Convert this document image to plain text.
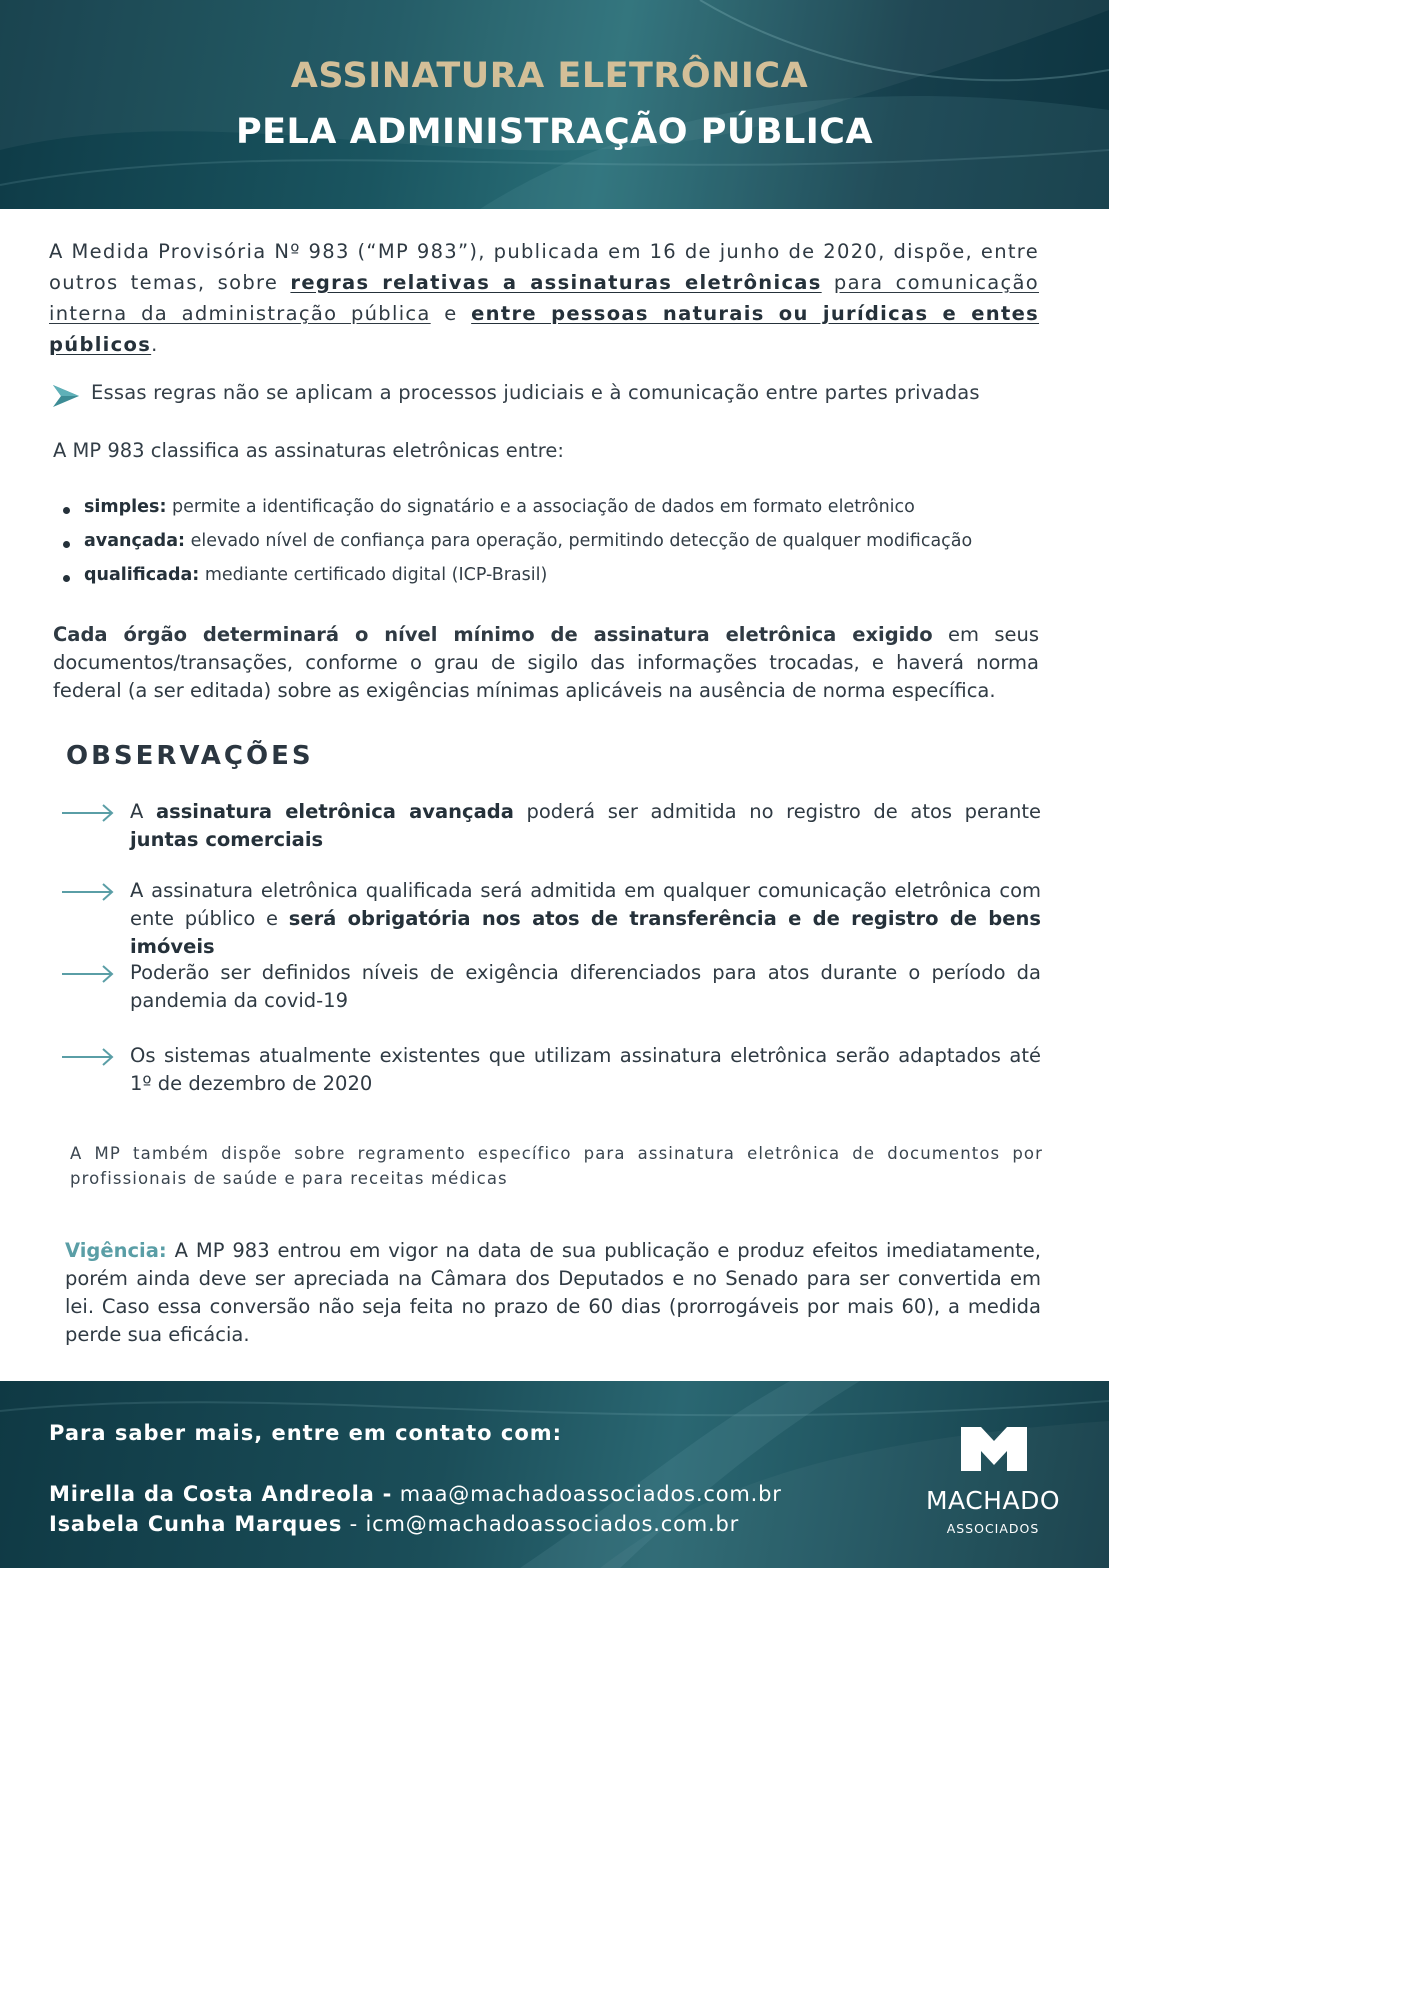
ASSINATURA ELETRÔNICA
PELA ADMINISTRAÇÃO PÚBLICA

A Medida Provisória Nº 983 (“MP 983”), publicada em 16 de junho de 2020, dispõe, entre outros temas, sobre regras relativas a assinaturas eletrônicas para comunicação interna da administração pública e entre pessoas naturais ou jurídicas e entes públicos.

Essas regras não se aplicam a processos judiciais e à comunicação entre partes privadas

A MP 983 classifica as assinaturas eletrônicas entre:

simples: permite a identificação do signatário e a associação de dados em formato eletrônico
avançada: elevado nível de confiança para operação, permitindo detecção de qualquer modificação
qualificada: mediante certificado digital (ICP-Brasil)

Cada órgão determinará o nível mínimo de assinatura eletrônica exigido em seus documentos/transações, conforme o grau de sigilo das informações trocadas, e haverá norma federal (a ser editada) sobre as exigências mínimas aplicáveis na ausência de norma específica.

OBSERVAÇÕES

A assinatura eletrônica avançada poderá ser admitida no registro de atos perante juntas comerciais

A assinatura eletrônica qualificada será admitida em qualquer comunicação eletrônica com ente público e será obrigatória nos atos de transferência e de registro de bens imóveis

Poderão ser definidos níveis de exigência diferenciados para atos durante o período da pandemia da covid-19

Os sistemas atualmente existentes que utilizam assinatura eletrônica serão adaptados até 1º de dezembro de 2020

A MP também dispõe sobre regramento específico para assinatura eletrônica de documentos por profissionais de saúde e para receitas médicas

Vigência: A MP 983 entrou em vigor na data de sua publicação e produz efeitos imediatamente, porém ainda deve ser apreciada na Câmara dos Deputados e no Senado para ser convertida em lei. Caso essa conversão não seja feita no prazo de 60 dias (prorrogáveis por mais 60), a medida perde sua eficácia.

Para saber mais, entre em contato com:

Mirella da Costa Andreola - maa@machadoassociados.com.br

Isabela Cunha Marques - icm@machadoassociados.com.br

MACHADO

ASSOCIADOS
